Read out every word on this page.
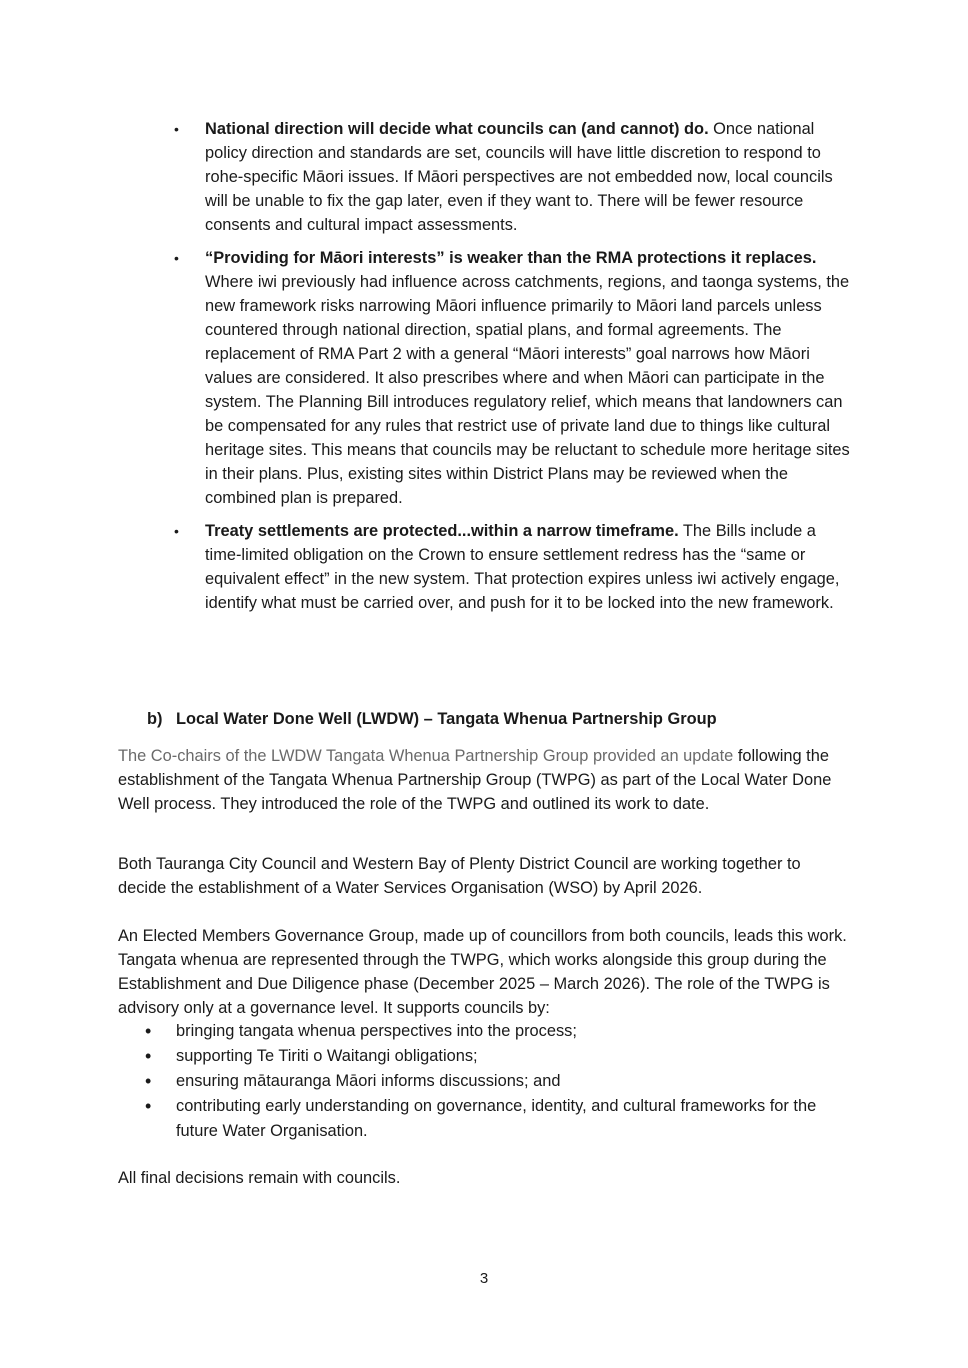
• National direction will decide what councils can (and cannot) do. Once national policy direction and standards are set, councils will have little discretion to respond to rohe-specific Māori issues. If Māori perspectives are not embedded now, local councils will be unable to fix the gap later, even if they want to. There will be fewer resource consents and cultural impact assessments.
• “Providing for Māori interests” is weaker than the RMA protections it replaces. Where iwi previously had influence across catchments, regions, and taonga systems, the new framework risks narrowing Māori influence primarily to Māori land parcels unless countered through national direction, spatial plans, and formal agreements. The replacement of RMA Part 2 with a general “Māori interests” goal narrows how Māori values are considered. It also prescribes where and when Māori can participate in the system. The Planning Bill introduces regulatory relief, which means that landowners can be compensated for any rules that restrict use of private land due to things like cultural heritage sites. This means that councils may be reluctant to schedule more heritage sites in their plans. Plus, existing sites within District Plans may be reviewed when the combined plan is prepared.
• Treaty settlements are protected...within a narrow timeframe. The Bills include a time-limited obligation on the Crown to ensure settlement redress has the “same or equivalent effect” in the new system. That protection expires unless iwi actively engage, identify what must be carried over, and push for it to be locked into the new framework.
b) Local Water Done Well (LWDW) – Tangata Whenua Partnership Group

The Co-chairs of the LWDW Tangata Whenua Partnership Group provided an update following the establishment of the Tangata Whenua Partnership Group (TWPG) as part of the Local Water Done Well process. They introduced the role of the TWPG and outlined its work to date.

Both Tauranga City Council and Western Bay of Plenty District Council are working together to decide the establishment of a Water Services Organisation (WSO) by April 2026.

An Elected Members Governance Group, made up of councillors from both councils, leads this work. Tangata whenua are represented through the TWPG, which works alongside this group during the Establishment and Due Diligence phase (December 2025 – March 2026). The role of the TWPG is advisory only at a governance level. It supports councils by:

• bringing tangata whenua perspectives into the process;
• supporting Te Tiriti o Waitangi obligations;
• ensuring mātauranga Māori informs discussions; and
• contributing early understanding on governance, identity, and cultural frameworks for the future Water Organisation.

All final decisions remain with councils.

3
